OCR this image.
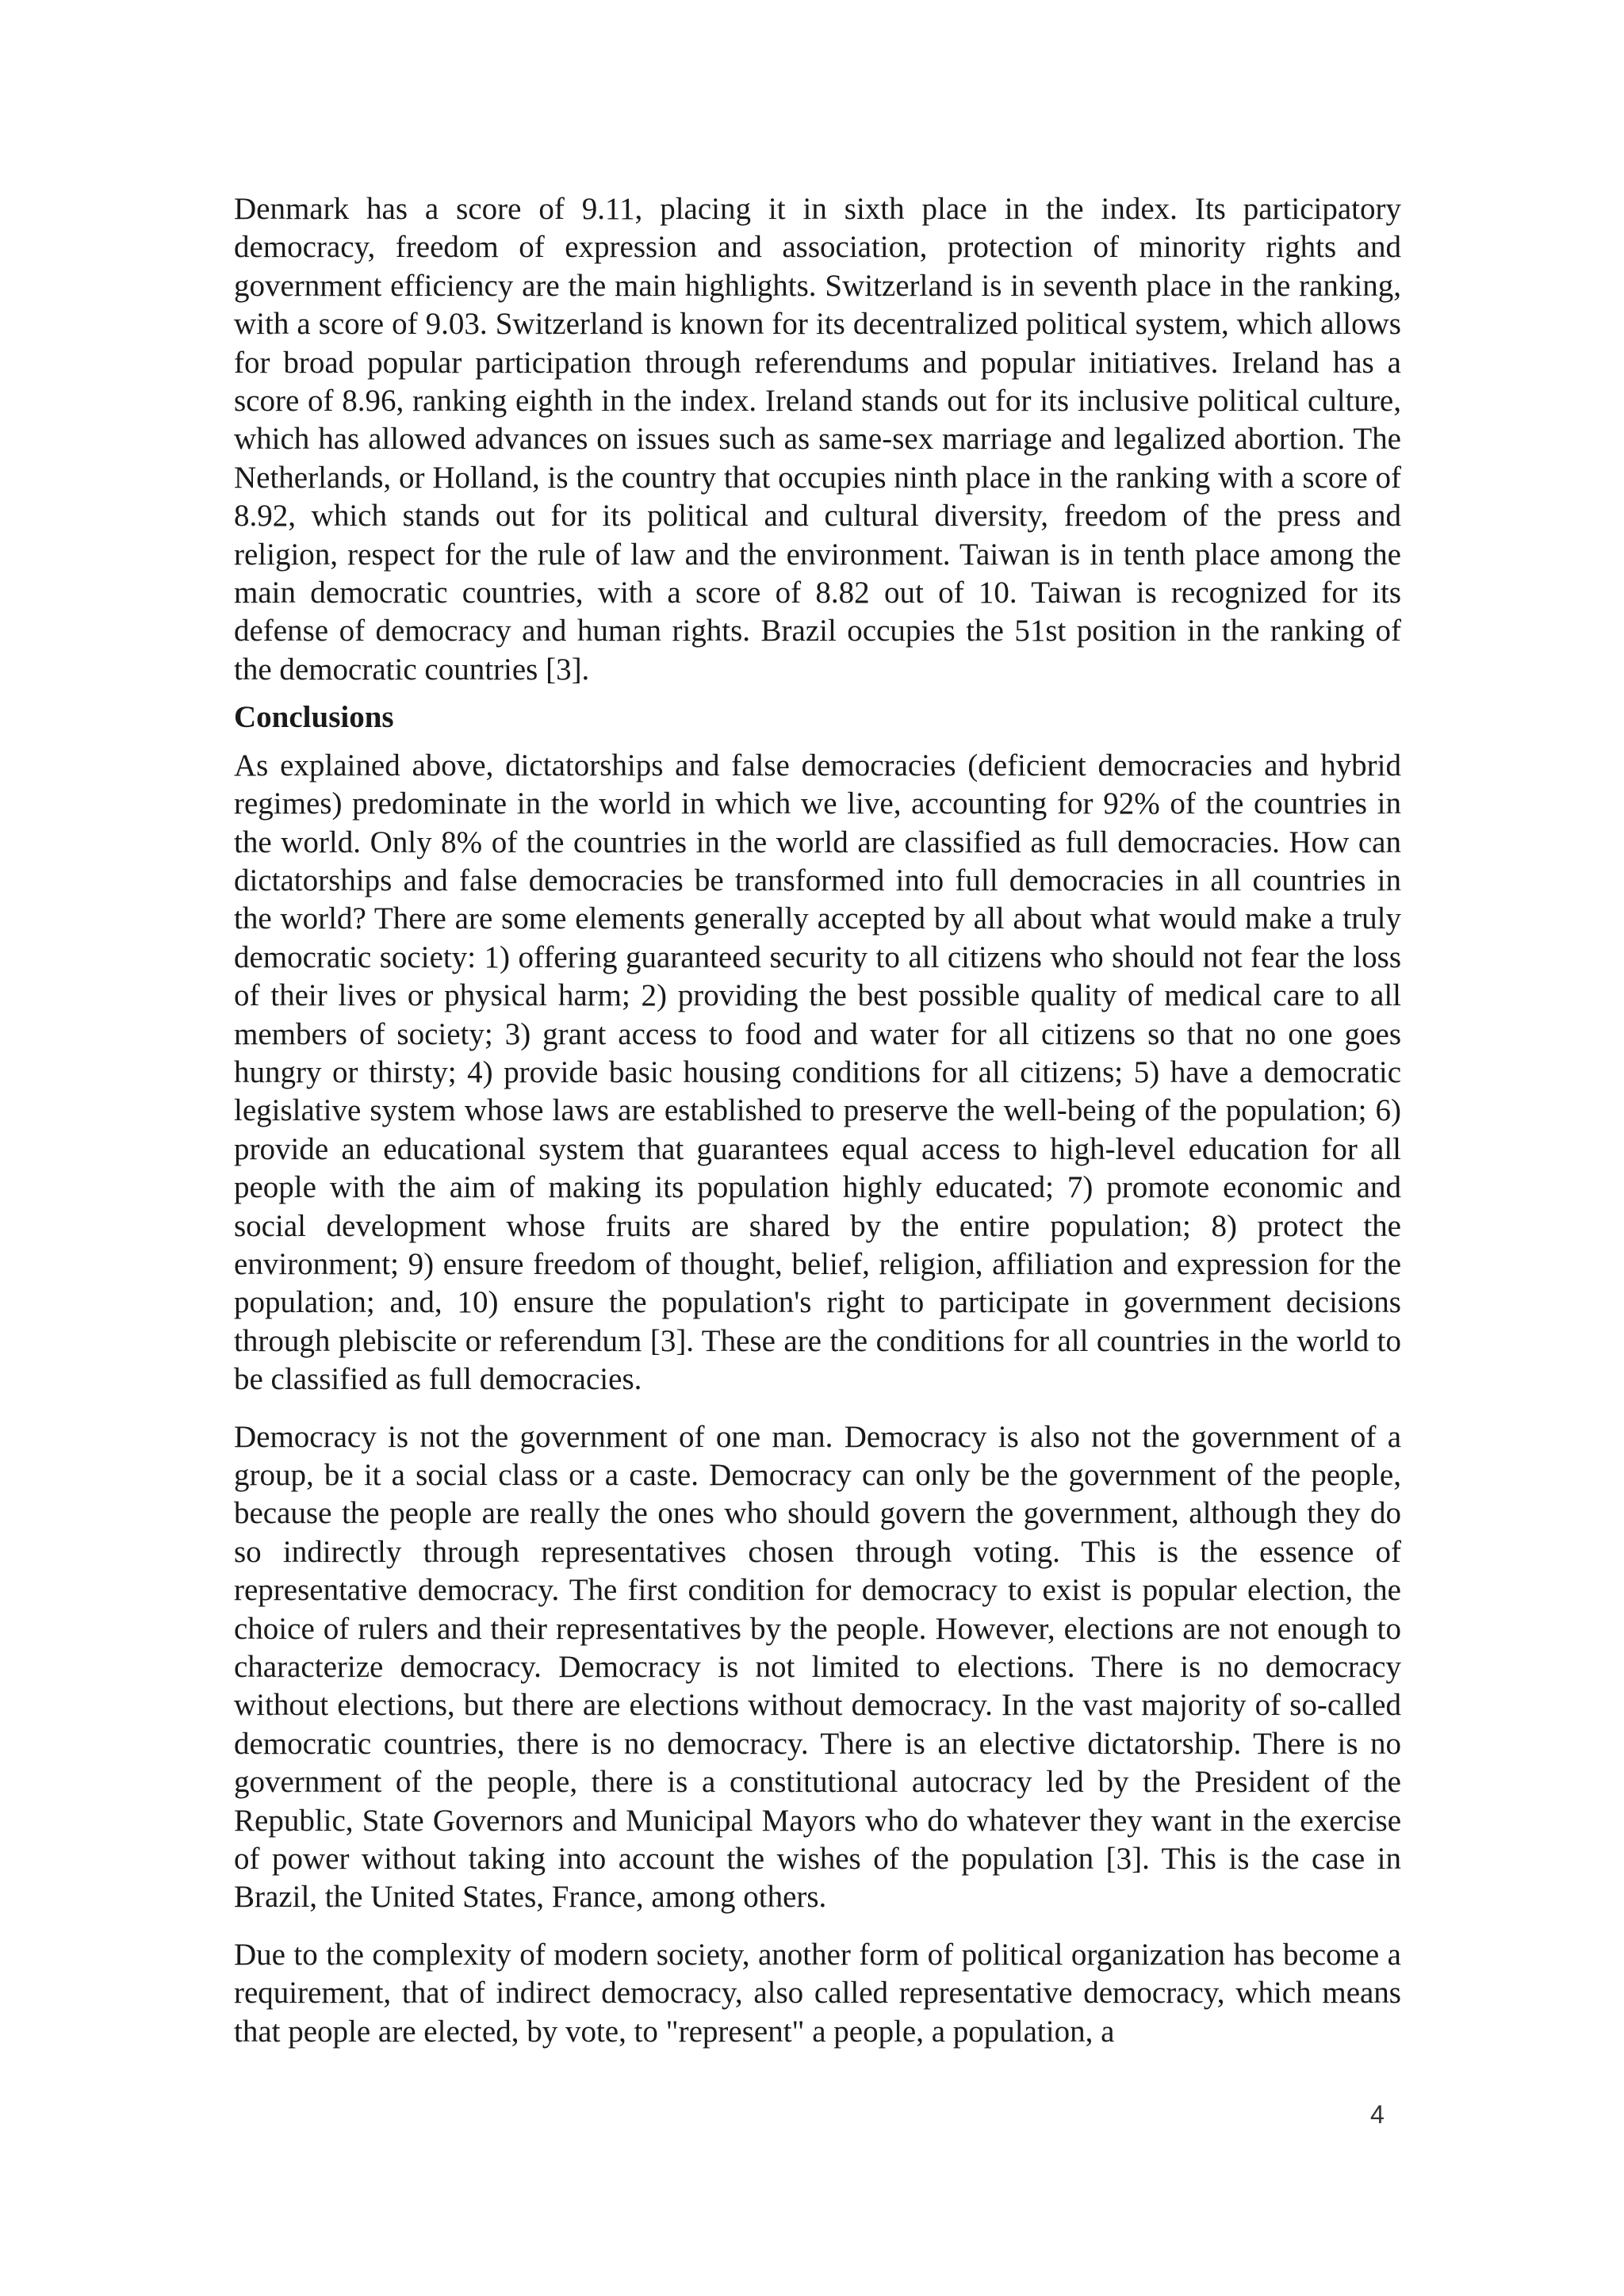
Denmark has a score of 9.11, placing it in sixth place in the index. Its participatory democracy, freedom of expression and association, protection of minority rights and government efficiency are the main highlights. Switzerland is in seventh place in the ranking, with a score of 9.03. Switzerland is known for its decentralized political system, which allows for broad popular participation through referendums and popular initiatives. Ireland has a score of 8.96, ranking eighth in the index. Ireland stands out for its inclusive political culture, which has allowed advances on issues such as same-sex marriage and legalized abortion. The Netherlands, or Holland, is the country that occupies ninth place in the ranking with a score of 8.92, which stands out for its political and cultural diversity, freedom of the press and religion, respect for the rule of law and the environment. Taiwan is in tenth place among the main democratic countries, with a score of 8.82 out of 10. Taiwan is recognized for its defense of democracy and human rights. Brazil occupies the 51st position in the ranking of the democratic countries [3].

Conclusions

As explained above, dictatorships and false democracies (deficient democracies and hybrid regimes) predominate in the world in which we live, accounting for 92% of the countries in the world. Only 8% of the countries in the world are classified as full democracies. How can dictatorships and false democracies be transformed into full democracies in all countries in the world? There are some elements generally accepted by all about what would make a truly democratic society: 1) offering guaranteed security to all citizens who should not fear the loss of their lives or physical harm; 2) providing the best possible quality of medical care to all members of society; 3) grant access to food and water for all citizens so that no one goes hungry or thirsty; 4) provide basic housing conditions for all citizens; 5) have a democratic legislative system whose laws are established to preserve the well-being of the population; 6) provide an educational system that guarantees equal access to high-level education for all people with the aim of making its population highly educated; 7) promote economic and social development whose fruits are shared by the entire population; 8) protect the environment; 9) ensure freedom of thought, belief, religion, affiliation and expression for the population; and, 10) ensure the population's right to participate in government decisions through plebiscite or referendum [3]. These are the conditions for all countries in the world to be classified as full democracies.

Democracy is not the government of one man. Democracy is also not the government of a group, be it a social class or a caste. Democracy can only be the government of the people, because the people are really the ones who should govern the government, although they do so indirectly through representatives chosen through voting. This is the essence of representative democracy. The first condition for democracy to exist is popular election, the choice of rulers and their representatives by the people. However, elections are not enough to characterize democracy. Democracy is not limited to elections. There is no democracy without elections, but there are elections without democracy. In the vast majority of so-called democratic countries, there is no democracy. There is an elective dictatorship. There is no government of the people, there is a constitutional autocracy led by the President of the Republic, State Governors and Municipal Mayors who do whatever they want in the exercise of power without taking into account the wishes of the population [3]. This is the case in Brazil, the United States, France, among others.

Due to the complexity of modern society, another form of political organization has become a requirement, that of indirect democracy, also called representative democracy, which means that people are elected, by vote, to "represent" a people, a population, a

4
